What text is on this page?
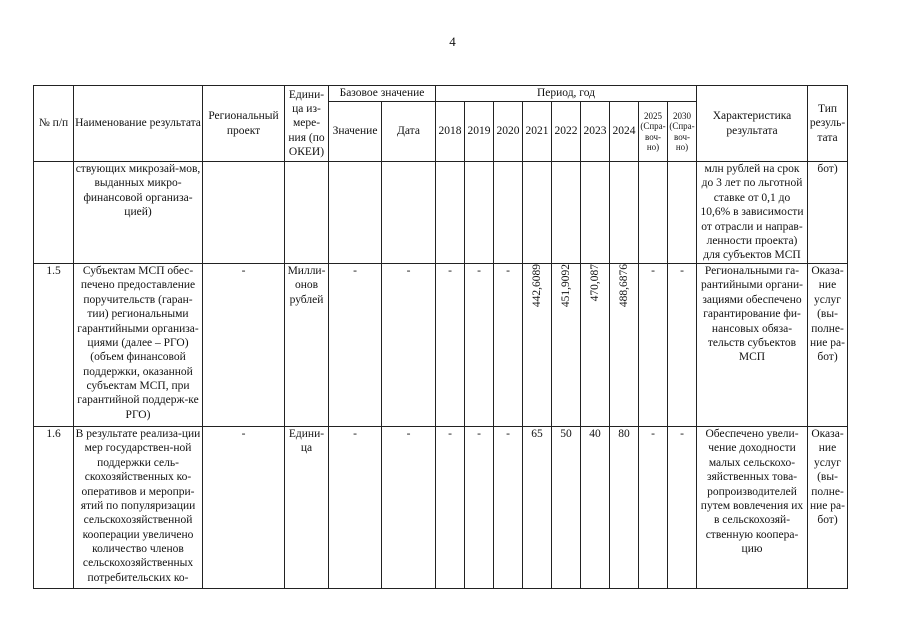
4
№ п/п	Наименование результата	Региональный проект	Едини-ца из-мере-ния (по ОКЕИ)	Базовое значение		Период, год									Характеристика результата	Тип резуль-тата
				Значение	Дата	2018	2019	2020	2021	2022	2023	2024	2025 (Спра-воч-но)	2030 (Спра-воч-но)		
	ствующих микрозай-мов, выданных микро-финансовой организа-цией)														млн рублей на срок до 3 лет по льготной ставке от 0,1 до 10,6% в зависимости от отрасли и направ-ленности проекта) для субъектов МСП	бот)
1.5	Субъектам МСП обес-печено предоставление поручительств (гаран-тии) региональными гарантийными организа-циями (далее – РГО) (объем финансовой поддержки, оказанной субъектам МСП, при гарантийной поддерж-ке РГО)	-	Милли-онов рублей	-	-	-	-	-	442,6089	451,9092	470,087	488,6876	-	-	Региональными га-рантийными органи-зациями обеспечено гарантирование фи-нансовых обяза-тельств субъектов МСП	Оказа-ние услуг (вы-полне-ние ра-бот)
1.6	В результате реализа-ции мер государствен-ной поддержки сель-скохозяйственных ко-оперативов и меропри-ятий по популяризации сельскохозяйственной кооперации увеличено количество членов сельскохозяйственных потребительских ко-	-	Едини-ца	-	-	-	-	-	65	50	40	80	-	-	Обеспечено увели-чение доходности малых сельскохо-зяйственных това-ропроизводителей путем вовлечения их в сельскохозяй-ственную коопера-цию	Оказа-ние услуг (вы-полне-ние ра-бот)
